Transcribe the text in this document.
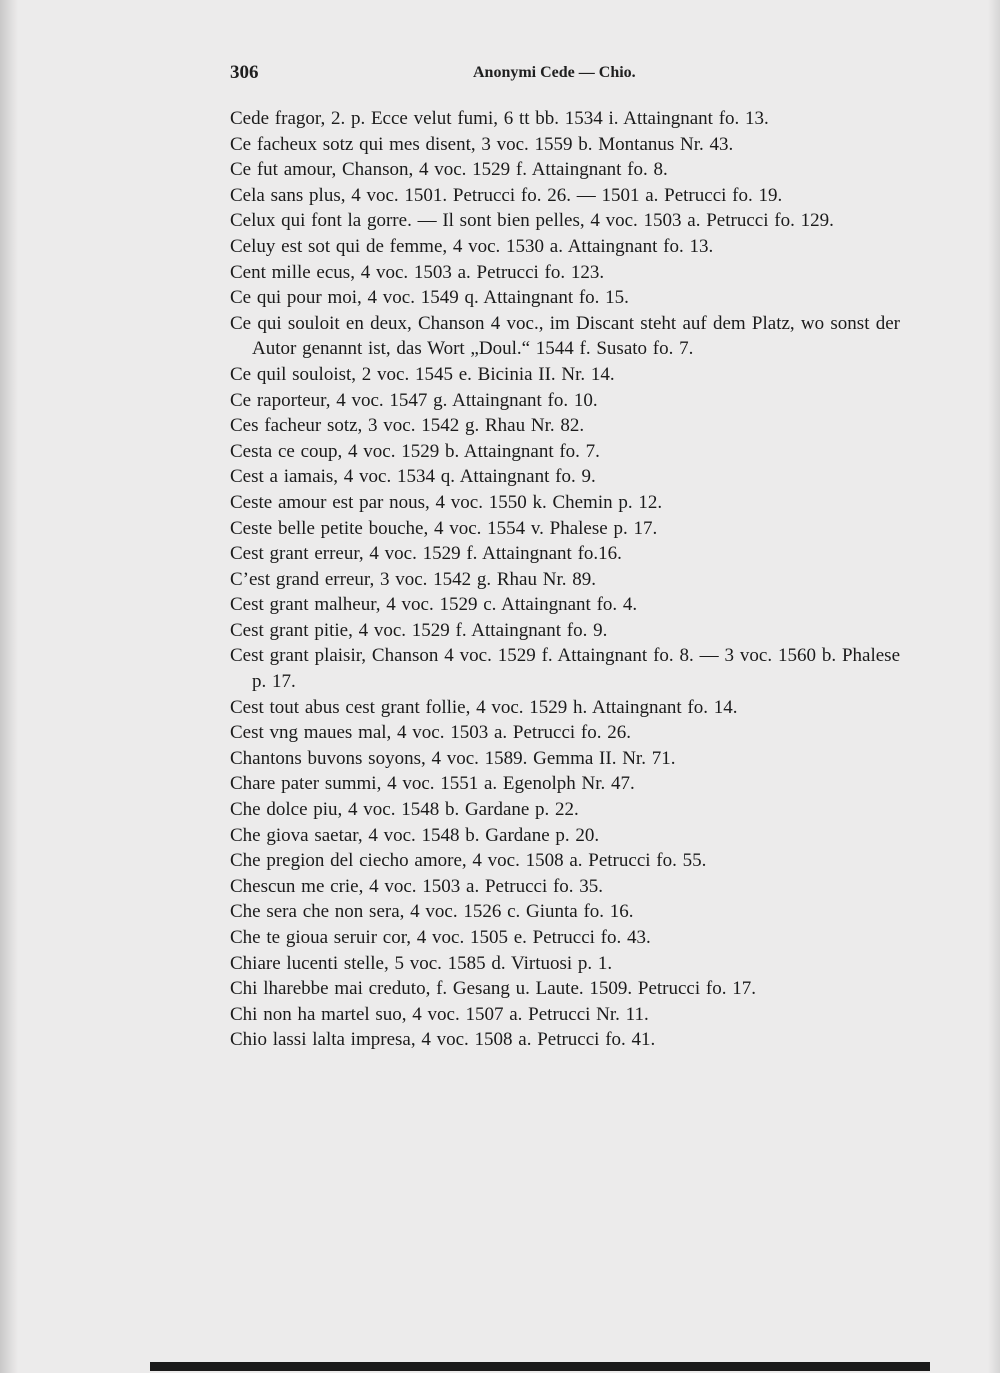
306	Anonymi Cede — Chio.
Cede fragor, 2. p. Ecce velut fumi, 6 tt bb. 1534 i. Attaingnant fo. 13.
Ce facheux sotz qui mes disent, 3 voc. 1559 b. Montanus Nr. 43.
Ce fut amour, Chanson, 4 voc. 1529 f. Attaingnant fo. 8.
Cela sans plus, 4 voc. 1501. Petrucci fo. 26. — 1501 a. Petrucci fo. 19.
Celux qui font la gorre. — Il sont bien pelles, 4 voc. 1503 a. Petrucci fo. 129.
Celuy est sot qui de femme, 4 voc. 1530 a. Attaingnant fo. 13.
Cent mille ecus, 4 voc. 1503 a. Petrucci fo. 123.
Ce qui pour moi, 4 voc. 1549 q. Attaingnant fo. 15.
Ce qui souloit en deux, Chanson 4 voc., im Discant steht auf dem Platz, wo sonst der Autor genannt ist, das Wort „Doul.“ 1544 f. Susato fo. 7.
Ce quil souloist, 2 voc. 1545 e. Bicinia II. Nr. 14.
Ce raporteur, 4 voc. 1547 g. Attaingnant fo. 10.
Ces facheur sotz, 3 voc. 1542 g. Rhau Nr. 82.
Cesta ce coup, 4 voc. 1529 b. Attaingnant fo. 7.
Cest a iamais, 4 voc. 1534 q. Attaingnant fo. 9.
Ceste amour est par nous, 4 voc. 1550 k. Chemin p. 12.
Ceste belle petite bouche, 4 voc. 1554 v. Phalese p. 17.
Cest grant erreur, 4 voc. 1529 f. Attaingnant fo.16.
C’est grand erreur, 3 voc. 1542 g. Rhau Nr. 89.
Cest grant malheur, 4 voc. 1529 c. Attaingnant fo. 4.
Cest grant pitie, 4 voc. 1529 f. Attaingnant fo. 9.
Cest grant plaisir, Chanson 4 voc. 1529 f. Attaingnant fo. 8. — 3 voc. 1560 b. Phalese p. 17.
Cest tout abus cest grant follie, 4 voc. 1529 h. Attaingnant fo. 14.
Cest vng maues mal, 4 voc. 1503 a. Petrucci fo. 26.
Chantons buvons soyons, 4 voc. 1589. Gemma II. Nr. 71.
Chare pater summi, 4 voc. 1551 a. Egenolph Nr. 47.
Che dolce piu, 4 voc. 1548 b. Gardane p. 22.
Che giova saetar, 4 voc. 1548 b. Gardane p. 20.
Che pregion del ciecho amore, 4 voc. 1508 a. Petrucci fo. 55.
Chescun me crie, 4 voc. 1503 a. Petrucci fo. 35.
Che sera che non sera, 4 voc. 1526 c. Giunta fo. 16.
Che te gioua seruir cor, 4 voc. 1505 e. Petrucci fo. 43.
Chiare lucenti stelle, 5 voc. 1585 d. Virtuosi p. 1.
Chi lharebbe mai creduto, f. Gesang u. Laute. 1509. Petrucci fo. 17.
Chi non ha martel suo, 4 voc. 1507 a. Petrucci Nr. 11.
Chio lassi lalta impresa, 4 voc. 1508 a. Petrucci fo. 41.
